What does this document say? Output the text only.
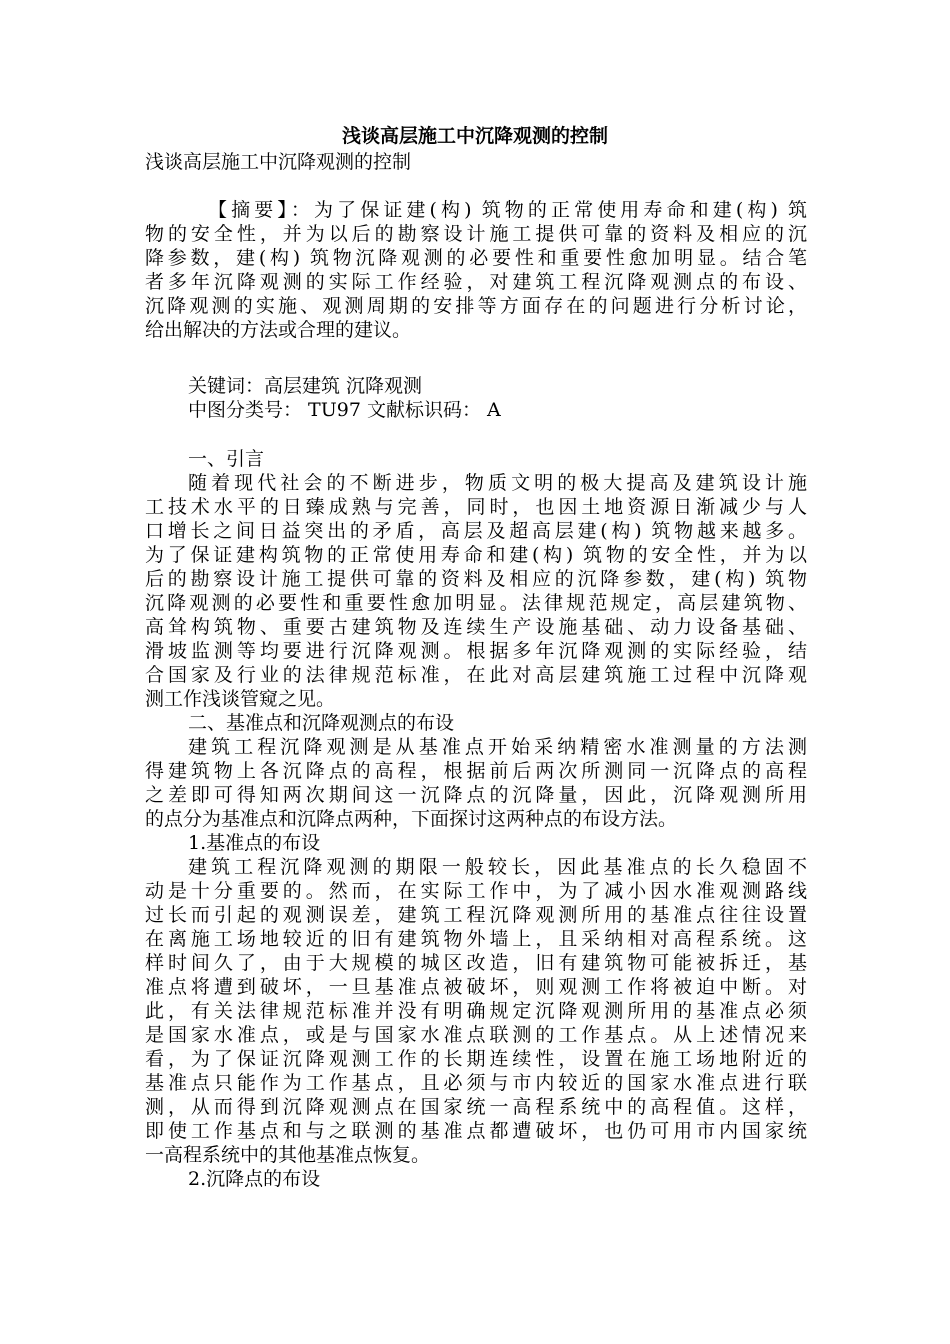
浅谈高层施工中沉降观测的控制
浅谈高层施工中沉降观测的控制
【摘要】：为了保证建(构) 筑物的正常使用寿命和建(构) 筑
物的安全性，并为以后的勘察设计施工提供可靠的资料及相应的沉
降参数，建(构) 筑物沉降观测的必要性和重要性愈加明显。结合笔
者多年沉降观测的实际工作经验，对建筑工程沉降观测点的布设、
沉降观测的实施、观测周期的安排等方面存在的问题进行分析讨论，
给出解决的方法或合理的建议。
关键词：高层建筑 沉降观测
中图分类号： TU97 文献标识码： A
一、引言
随着现代社会的不断进步，物质文明的极大提高及建筑设计施
工技术水平的日臻成熟与完善，同时，也因土地资源日渐减少与人
口增长之间日益突出的矛盾，高层及超高层建(构) 筑物越来越多。
为了保证建构筑物的正常使用寿命和建(构) 筑物的安全性，并为以
后的勘察设计施工提供可靠的资料及相应的沉降参数，建(构) 筑物
沉降观测的必要性和重要性愈加明显。法律规范规定，高层建筑物、
高耸构筑物、重要古建筑物及连续生产设施基础、动力设备基础、
滑坡监测等均要进行沉降观测。根据多年沉降观测的实际经验，结
合国家及行业的法律规范标准，在此对高层建筑施工过程中沉降观
测工作浅谈管窥之见。
二、基准点和沉降观测点的布设
建筑工程沉降观测是从基准点开始采纳精密水准测量的方法测
得建筑物上各沉降点的高程，根据前后两次所测同一沉降点的高程
之差即可得知两次期间这一沉降点的沉降量，因此，沉降观测所用
的点分为基准点和沉降点两种，下面探讨这两种点的布设方法。
1.基准点的布设
建筑工程沉降观测的期限一般较长，因此基准点的长久稳固不
动是十分重要的。然而，在实际工作中，为了减小因水准观测路线
过长而引起的观测误差，建筑工程沉降观测所用的基准点往往设置
在离施工场地较近的旧有建筑物外墙上，且采纳相对高程系统。这
样时间久了，由于大规模的城区改造，旧有建筑物可能被拆迁，基
准点将遭到破坏，一旦基准点被破坏，则观测工作将被迫中断。对
此，有关法律规范标准并没有明确规定沉降观测所用的基准点必须
是国家水准点，或是与国家水准点联测的工作基点。从上述情况来
看，为了保证沉降观测工作的长期连续性，设置在施工场地附近的
基准点只能作为工作基点，且必须与市内较近的国家水准点进行联
测，从而得到沉降观测点在国家统一高程系统中的高程值。这样，
即使工作基点和与之联测的基准点都遭破坏，也仍可用市内国家统
一高程系统中的其他基准点恢复。
2.沉降点的布设
